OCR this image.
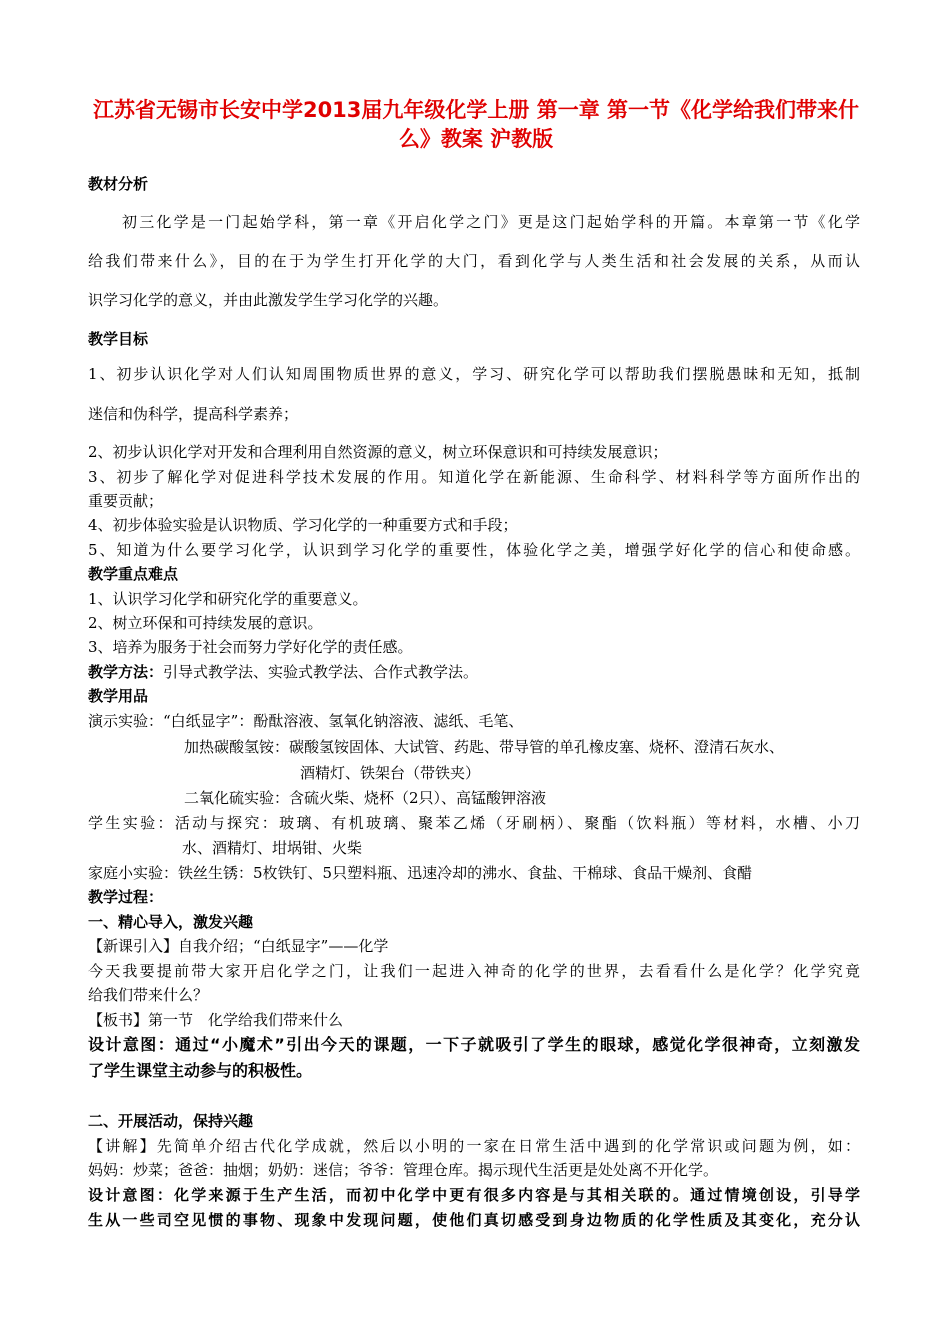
江苏省无锡市长安中学2013届九年级化学上册 第一章 第一节《化学给我们带来什么》教案 沪教版
教材分析
初三化学是一门起始学科，第一章《开启化学之门》更是这门起始学科的开篇。本章第一节《化学
给我们带来什么》，目的在于为学生打开化学的大门，看到化学与人类生活和社会发展的关系，从而认
识学习化学的意义，并由此激发学生学习化学的兴趣。
教学目标
1、初步认识化学对人们认知周围物质世界的意义，学习、研究化学可以帮助我们摆脱愚昧和无知，抵制
迷信和伪科学，提高科学素养；
2、初步认识化学对开发和合理利用自然资源的意义，树立环保意识和可持续发展意识；
3、初步了解化学对促进科学技术发展的作用。知道化学在新能源、生命科学、材料科学等方面所作出的
重要贡献；
4、初步体验实验是认识物质、学习化学的一种重要方式和手段；
5、知道为什么要学习化学，认识到学习化学的重要性，体验化学之美，增强学好化学的信心和使命感。
教学重点难点
1、认识学习化学和研究化学的重要意义。
2、树立环保和可持续发展的意识。
3、培养为服务于社会而努力学好化学的责任感。
教学方法：引导式教学法、实验式教学法、合作式教学法。
教学用品
演示实验：“白纸显字”：酚酞溶液、氢氧化钠溶液、滤纸、毛笔、
加热碳酸氢铵：碳酸氢铵固体、大试管、药匙、带导管的单孔橡皮塞、烧杯、澄清石灰水、
酒精灯、铁架台（带铁夹）
二氧化硫实验：含硫火柴、烧杯（2只）、高锰酸钾溶液
学生实验：活动与探究：玻璃、有机玻璃、聚苯乙烯（牙刷柄）、聚酯（饮料瓶）等材料，水槽、小刀
水、酒精灯、坩埚钳、火柴
家庭小实验：铁丝生锈：5枚铁钉、5只塑料瓶、迅速冷却的沸水、食盐、干棉球、食品干燥剂、食醋
教学过程：
一、精心导入，激发兴趣
【新课引入】自我介绍；“白纸显字”——化学
今天我要提前带大家开启化学之门，让我们一起进入神奇的化学的世界，去看看什么是化学？化学究竟
给我们带来什么？
【板书】第一节　化学给我们带来什么
设计意图：通过“小魔术”引出今天的课题，一下子就吸引了学生的眼球，感觉化学很神奇，立刻激发
了学生课堂主动参与的积极性。
二、开展活动，保持兴趣
【讲解】先简单介绍古代化学成就，然后以小明的一家在日常生活中遇到的化学常识或问题为例，如：
妈妈：炒菜；爸爸：抽烟；奶奶：迷信；爷爷：管理仓库。揭示现代生活更是处处离不开化学。
设计意图：化学来源于生产生活，而初中化学中更有很多内容是与其相关联的。通过情境创设，引导学
生从一些司空见惯的事物、现象中发现问题，使他们真切感受到身边物质的化学性质及其变化，充分认
